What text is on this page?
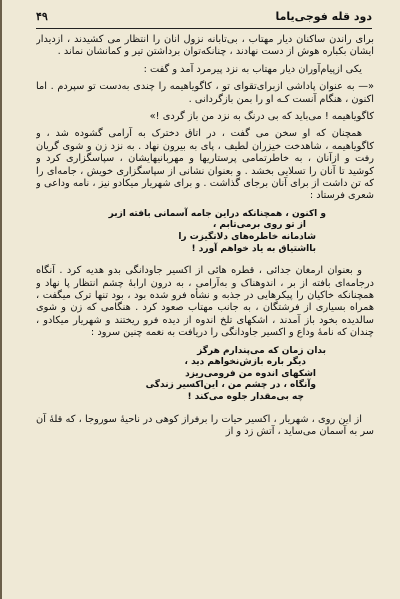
۴۹	دود قله فوجی‌یاما

برای راندن ساکنان دیار مهتاب ، بی‌تابانه نزول آنان را انتظار می کشیدند ، ازدیدار ایشان بکباره هوش از دست نهادند ، چنانکه‌توان برداشتن تیر و کمانشان نماند .

یکی ازپیام‌آوران دیار مهتاب به نزد پیرمرد آمد و گفت :

«— به عنوان پاداشی ازبرای‌تقوای تو ، کاگویاهیمه را چندی به‌دست تو سپردم . اما اکنون ، هنگام آنست کـه او را بمن بازگردانی .

کاگویاهیمه ! می‌باید که بی درنگ به نزد من باز گردی !»

همچنان که او سخن می گفت ، در اتاق دخترک به آرامی گشوده شد ، و کاگویاهیمه ، شاهدخت خیزران لطیف ، پای به بیرون نهاد . به نزد زن و شوی گریان رفت و ازآنان ، به خاطرتمامی پرستاریها و مهربانیهایشان ، سپاسگزاری کرد و کوشید تا آنان را تسلایی بخشد . و بعنوان نشانی از سپاسگزاری خویش ، جامه‌ای را که تن داشت از برای آنان برجای گذاشت . و برای شهریار میکادو نیز ، نامه وداعی و شعری فرستاد :

و اکنون ، همچنانکه دراین جامه آسمانی بافته ازبر
از تو روی برمی‌تابم ،
شادمانه خاطره‌های دلانگیزت را
بااشتیاق به یاد خواهم آورد !

و بعنوان ارمغان جدائی ، قطره هائی از اکسیر جاودانگی بدو هدیه کرد . آنگاه درجامه‌ای بافته از بر ، اندوهناک و به‌آرامی ، به درون ارابهٔ چشم انتظار پا نهاد و همچنانکه خاکیان را پیکرهایی در جذبه و نشأه فرو شده بود ، بود تنها ترک میگفت ، همراه بسیاری از فرشتگان ، به جانب مهتاب صعود کرد . هنگامی که زن و شوی سالدیده بخود باز آمدند ، اشکهای تلخ اندوه از دیده فرو ریختند و شهریار میکادو ، چندان که نامهٔ وداع و اکسیر جاودانگی را دریافت به نغمه چنین سرود :

بدان زمان که می‌پندارم هرگز
دیگر باره بازش‌نخواهم دید ،
اشکهای اندوه من فرومی‌ریزد
وآنگاه ، در چشم من ، این‌اکسیر زندگی
چه بی‌مقدار جلوه می‌کند !

از این روی ، شهریار ، اکسیر حیات را برفراز کوهی در ناحیهٔ سوروجا ، که قلهٔ آن سر به آسمان می‌ساید ، آتش زد و از
